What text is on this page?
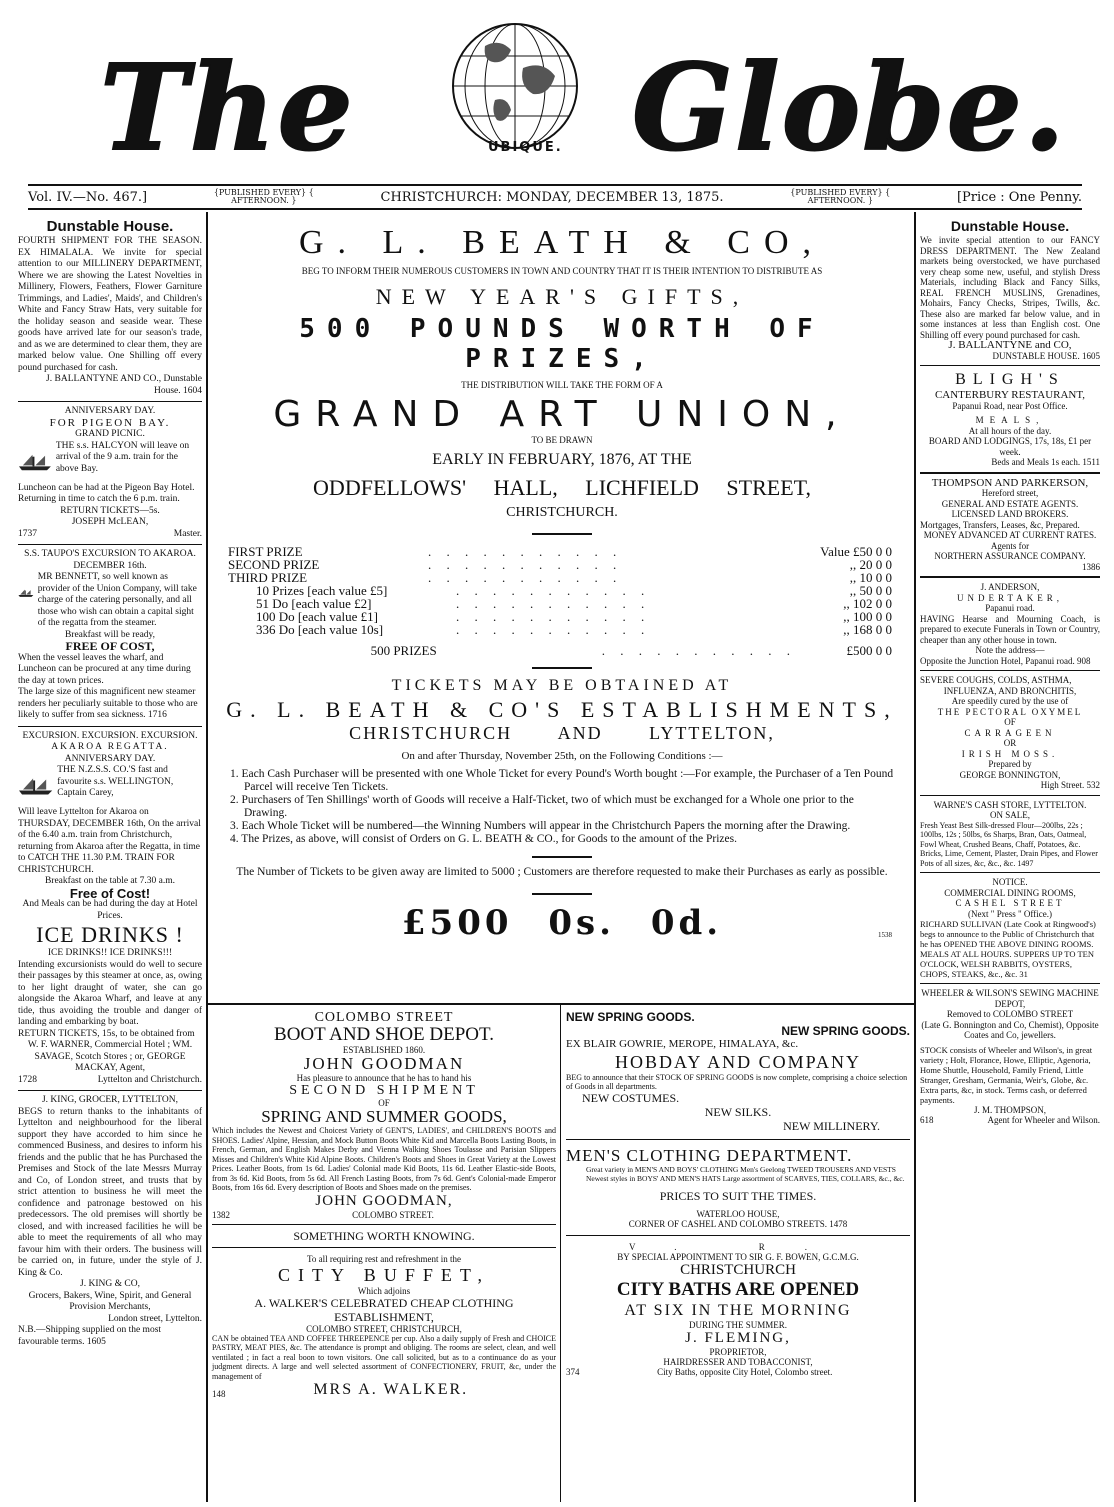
The	UBIQUE. Globe.
Vol. IV.—No. 467.]	{PUBLISHED EVERY} { AFTERNOON. }	CHRISTCHURCH: MONDAY, DECEMBER 13, 1875.	{PUBLISHED EVERY} { AFTERNOON. }	[Price : One Penny.
Dunstable House.

FOURTH SHIPMENT FOR THE SEASON. EX HIMALALA. We invite for special attention to our MILLINERY DEPARTMENT, Where we are showing the Latest Novelties in Millinery, Flowers, Feathers, Flower Garniture Trimmings, and Ladies', Maids', and Children's White and Fancy Straw Hats, very suitable for the holiday season and seaside wear. These goods have arrived late for our season's trade, and as we are determined to clear them, they are marked below value. One Shilling off every pound purchased for cash.

J. BALLANTYNE AND CO., Dunstable House. 1604

ANNIVERSARY DAY.

FOR PIGEON BAY.

GRAND PICNIC.

THE s.s. HALCYON will leave on arrival of the 9 a.m. train for the above Bay.

Luncheon can be had at the Pigeon Bay Hotel.

Returning in time to catch the 6 p.m. train.

RETURN TICKETS—5s.

JOSEPH McLEAN,

1737	Master.

S.S. TAUPO'S EXCURSION TO AKAROA.

DECEMBER 16th.

MR BENNETT, so well known as provider of the Union Company, will take charge of the catering personally, and all those who wish can obtain a capital sight of the regatta from the steamer.

Breakfast will be ready,

FREE OF COST,

When the vessel leaves the wharf, and Luncheon can be procured at any time during the day at town prices.

The large size of this magnificent new steamer renders her peculiarly suitable to those who are likely to suffer from sea sickness. 1716

EXCURSION. EXCURSION. EXCURSION.

AKAROA REGATTA.

ANNIVERSARY DAY.

THE N.Z.S.S. CO.'S fast and favourite s.s. WELLINGTON, Captain Carey,

Will leave Lyttelton for Akaroa on THURSDAY, DECEMBER 16th, On the arrival of the 6.40 a.m. train from Christchurch, returning from Akaroa after the Regatta, in time to CATCH THE 11.30 P.M. TRAIN FOR CHRISTCHURCH.

Breakfast on the table at 7.30 a.m.

Free of Cost!

And Meals can be had during the day at Hotel Prices.

ICE DRINKS !

ICE DRINKS!! ICE DRINKS!!!

Intending excursionists would do well to secure their passages by this steamer at once, as, owing to her light draught of water, she can go alongside the Akaroa Wharf, and leave at any tide, thus avoiding the trouble and danger of landing and embarking by boat.

RETURN TICKETS, 15s, to be obtained from

W. F. WARNER, Commercial Hotel ; WM. SAVAGE, Scotch Stores ; or, GEORGE MACKAY, Agent,

1728	Lyttelton and Christchurch.

J. KING, GROCER, LYTTELTON,

BEGS to return thanks to the inhabitants of Lyttelton and neighbourhood for the liberal support they have accorded to him since he commenced Business, and desires to inform his friends and the public that he has Purchased the Premises and Stock of the late Messrs Murray and Co, of London street, and trusts that by strict attention to business he will meet the confidence and patronage bestowed on his predecessors. The old premises will shortly be closed, and with increased facilities he will be able to meet the requirements of all who may favour him with their orders. The business will be carried on, in future, under the style of J. King & Co.

J. KING & CO,

Grocers, Bakers, Wine, Spirit, and General Provision Merchants,

London street, Lyttelton.

N.B.—Shipping supplied on the most favourable terms. 1605

G. L. BEATH & CO,
BEG TO INFORM THEIR NUMEROUS CUSTOMERS IN TOWN AND COUNTRY THAT IT IS THEIR INTENTION TO DISTRIBUTE AS
NEW YEAR'S GIFTS,
500 POUNDS WORTH OF PRIZES,
THE DISTRIBUTION WILL TAKE THE FORM OF A
GRAND ART UNION,
TO BE DRAWN
EARLY IN FEBRUARY, 1876, AT THE
ODDFELLOWS' HALL, LICHFIELD STREET,
CHRISTCHURCH.
FIRST PRIZE	. . . . . . . . . . .	Value £50 0 0
SECOND PRIZE	. . . . . . . . . . .	,, 20 0 0
THIRD PRIZE	. . . . . . . . . . .	,, 10 0 0
10 Prizes [each value £5]	. . . . . . . . . . .	,, 50 0 0
51 Do [each value £2]	. . . . . . . . . . .	,, 102 0 0
100 Do [each value £1]	. . . . . . . . . . .	,, 100 0 0
336 Do [each value 10s]	. . . . . . . . . . .	,, 168 0 0
500 PRIZES	. . . . . . . . . . .	£500 0 0
TICKETS MAY BE OBTAINED AT
G. L. BEATH & CO'S ESTABLISHMENTS,
CHRISTCHURCH AND LYTTELTON,
On and after Thursday, November 25th, on the Following Conditions :—
1. Each Cash Purchaser will be presented with one Whole Ticket for every Pound's Worth bought :—For example, the Purchaser of a Ten Pound Parcel will receive Ten Tickets.
2. Purchasers of Ten Shillings' worth of Goods will receive a Half-Ticket, two of which must be exchanged for a Whole one prior to the Drawing.
3. Each Whole Ticket will be numbered—the Winning Numbers will appear in the Christchurch Papers the morning after the Drawing.
4. The Prizes, as above, will consist of Orders on G. L. BEATH & CO., for Goods to the amount of the Prizes.
The Number of Tickets to be given away are limited to 5000 ; Customers are therefore requested to make their Purchases as early as possible.
£500 0s. 0d.	1538
COLOMBO STREET
BOOT AND SHOE DEPOT.
ESTABLISHED 1860.
JOHN GOODMAN
Has pleasure to announce that he has to hand his
SECOND SHIPMENT
OF
SPRING AND SUMMER GOODS,
Which includes the Newest and Choicest Variety of GENT'S, LADIES', and CHILDREN'S BOOTS and SHOES. Ladies' Alpine, Hessian, and Mock Button Boots White Kid and Marcella Boots Lasting Boots, in French, German, and English Makes Derby and Vienna Walking Shoes Toulasse and Parisian Slippers Misses and Children's White Kid Alpine Boots. Children's Boots and Shoes in Great Variety at the Lowest Prices. Leather Boots, from 1s 6d. Ladies' Colonial made Kid Boots, 11s 6d. Leather Elastic-side Boots, from 3s 6d. Kid Boots, from 5s 6d. All French Lasting Boots, from 7s 6d. Gent's Colonial-made Emperor Boots, from 16s 6d. Every description of Boots and Shoes made on the premises.
JOHN GOODMAN,
1382	COLOMBO STREET.
SOMETHING WORTH KNOWING.
To all requiring rest and refreshment in the
CITY BUFFET,
Which adjoins
A. WALKER'S CELEBRATED CHEAP CLOTHING ESTABLISHMENT,
COLOMBO STREET, CHRISTCHURCH,
CAN be obtained TEA AND COFFEE THREEPENCE per cup. Also a daily supply of Fresh and CHOICE PASTRY, MEAT PIES, &c. The attendance is prompt and obliging. The rooms are select, clean, and well ventilated ; in fact a real boon to town visitors. One call solicited, but as to a continuance do as your judgment directs. A large and well selected assortment of CONFECTIONERY, FRUIT, &c, under the management of
148	MRS A. WALKER.
NEW SPRING GOODS.
NEW SPRING GOODS.
EX BLAIR GOWRIE, MEROPE, HIMALAYA, &c.
HOBDAY AND COMPANY
BEG to announce that their STOCK OF SPRING GOODS is now complete, comprising a choice selection of Goods in all departments.
NEW COSTUMES.
NEW SILKS.
NEW MILLINERY.
MEN'S CLOTHING DEPARTMENT.
Great variety in MEN'S AND BOYS' CLOTHING Men's Geelong TWEED TROUSERS AND VESTS Newest styles in BOYS' AND MEN'S HATS Large assortment of SCARVES, TIES, COLLARS, &c., &c.
PRICES TO SUIT THE TIMES.
WATERLOO HOUSE,
CORNER OF CASHEL AND COLOMBO STREETS. 1478
V. R.
BY SPECIAL APPOINTMENT TO SIR G. F. BOWEN, G.C.M.G.
CHRISTCHURCH
CITY BATHS ARE OPENED
AT SIX IN THE MORNING
DURING THE SUMMER.
J. FLEMING,
PROPRIETOR,
HAIRDRESSER AND TOBACCONIST,
374	City Baths, opposite City Hotel, Colombo street.
Dunstable House.

We invite special attention to our FANCY DRESS DEPARTMENT. The New Zealand markets being overstocked, we have purchased very cheap some new, useful, and stylish Dress Materials, including Black and Fancy Silks, REAL FRENCH MUSLINS, Grenadines, Mohairs, Fancy Checks, Stripes, Twills, &c. These also are marked far below value, and in some instances at less than English cost. One Shilling off every pound purchased for cash.

J. BALLANTYNE and CO,

DUNSTABLE HOUSE. 1605

BLIGH'S

CANTERBURY RESTAURANT,

Papanui Road, near Post Office.

MEALS,

At all hours of the day.

BOARD AND LODGINGS, 17s, 18s, £1 per week.

Beds and Meals 1s each. 1511

THOMPSON AND PARKERSON,

Hereford street,

GENERAL AND ESTATE AGENTS.

LICENSED LAND BROKERS.

Mortgages, Transfers, Leases, &c, Prepared.

MONEY ADVANCED AT CURRENT RATES.

Agents for

NORTHERN ASSURANCE COMPANY.

1386

J. ANDERSON,

UNDERTAKER,

Papanui road.

HAVING Hearse and Mourning Coach, is prepared to execute Funerals in Town or Country, cheaper than any other house in town.

Note the address—

Opposite the Junction Hotel, Papanui road. 908

SEVERE COUGHS, COLDS, ASTHMA,

INFLUENZA, AND BRONCHITIS,

Are speedily cured by the use of

THE PECTORAL OXYMEL

OF

CARRAGEEN

OR

IRISH MOSS.

Prepared by

GEORGE BONNINGTON,

High Street. 532

WARNE'S CASH STORE, LYTTELTON.

ON SALE,

Fresh Yeast Best Silk-dressed Flour—200lbs, 22s ; 100lbs, 12s ; 50lbs, 6s Sharps, Bran, Oats, Oatmeal, Fowl Wheat, Crushed Beans, Chaff, Potatoes, &c. Bricks, Lime, Cement, Plaster, Drain Pipes, and Flower Pots of all sizes, &c, &c., &c. 1497

NOTICE.

COMMERCIAL DINING ROOMS,

CASHEL STREET

(Next " Press " Office.)

RICHARD SULLIVAN (Late Cook at Ringwood's) begs to announce to the Public of Christchurch that he has OPENED THE ABOVE DINING ROOMS. MEALS AT ALL HOURS. SUPPERS UP TO TEN O'CLOCK, WELSH RABBITS, OYSTERS, CHOPS, STEAKS, &c., &c. 31

WHEELER & WILSON'S SEWING MACHINE DEPOT,

Removed to COLOMBO STREET

(Late G. Bonnington and Co, Chemist), Opposite Coates and Co, jewellers.

STOCK consists of Wheeler and Wilson's, in great variety ; Holt, Florance, Howe, Elliptic, Agenoria, Home Shuttle, Household, Family Friend, Little Stranger, Gresham, Germania, Weir's, Globe, &c. Extra parts, &c, in stock. Terms cash, or deferred payments.

J. M. THOMPSON,

618	Agent for Wheeler and Wilson.
